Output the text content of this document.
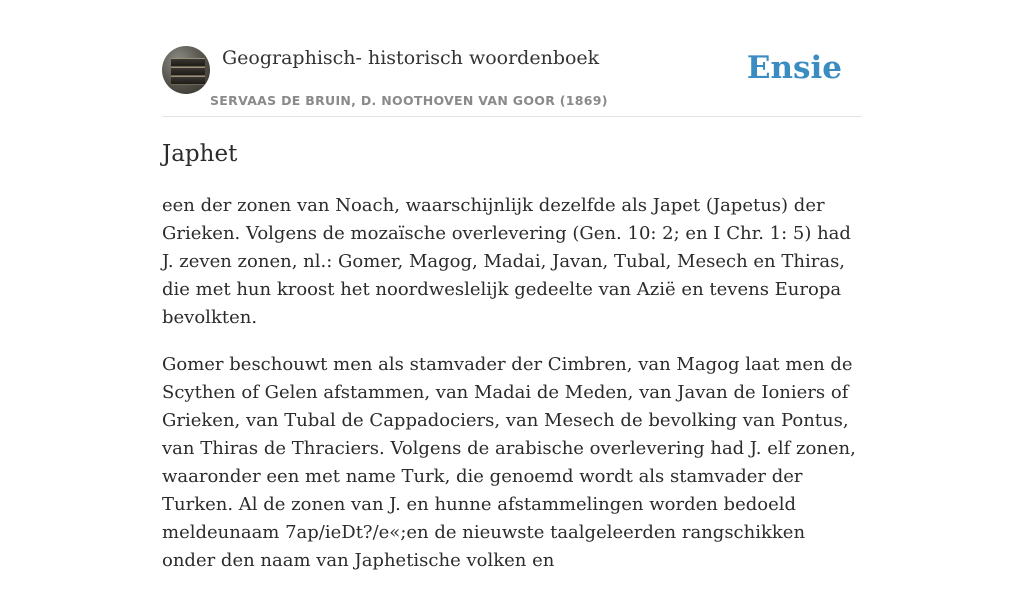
Geographisch- historisch woordenboek
SERVAAS DE BRUIN, D. NOOTHOVEN VAN GOOR (1869)
Ensie
Japhet

een der zonen van Noach, waarschijnlijk dezelfde als Japet (Japetus) der Grieken. Volgens de mozaïsche overlevering (Gen. 10: 2; en I Chr. 1: 5) had J. zeven zonen, nl.: Gomer, Magog, Madai, Javan, Tubal, Mesech en Thiras, die met hun kroost het noordweslelijk gedeelte van Azië en tevens Europa bevolkten.

Gomer beschouwt men als stamvader der Cimbren, van Magog laat men de Scythen of Gelen afstammen, van Madai de Meden, van Javan de Ioniers of Grieken, van Tubal de Cappadociers, van Mesech de bevolking van Pontus, van Thiras de Thraciers. Volgens de arabische overlevering had J. elf zonen, waaronder een met name Turk, die genoemd wordt als stamvader der Turken. Al de zonen van J. en hunne afstammelingen worden bedoeld meldeunaam 7ap/ieDt?/e«;en de nieuwste taalgeleerden rangschikken onder den naam van Japhetische volken en
